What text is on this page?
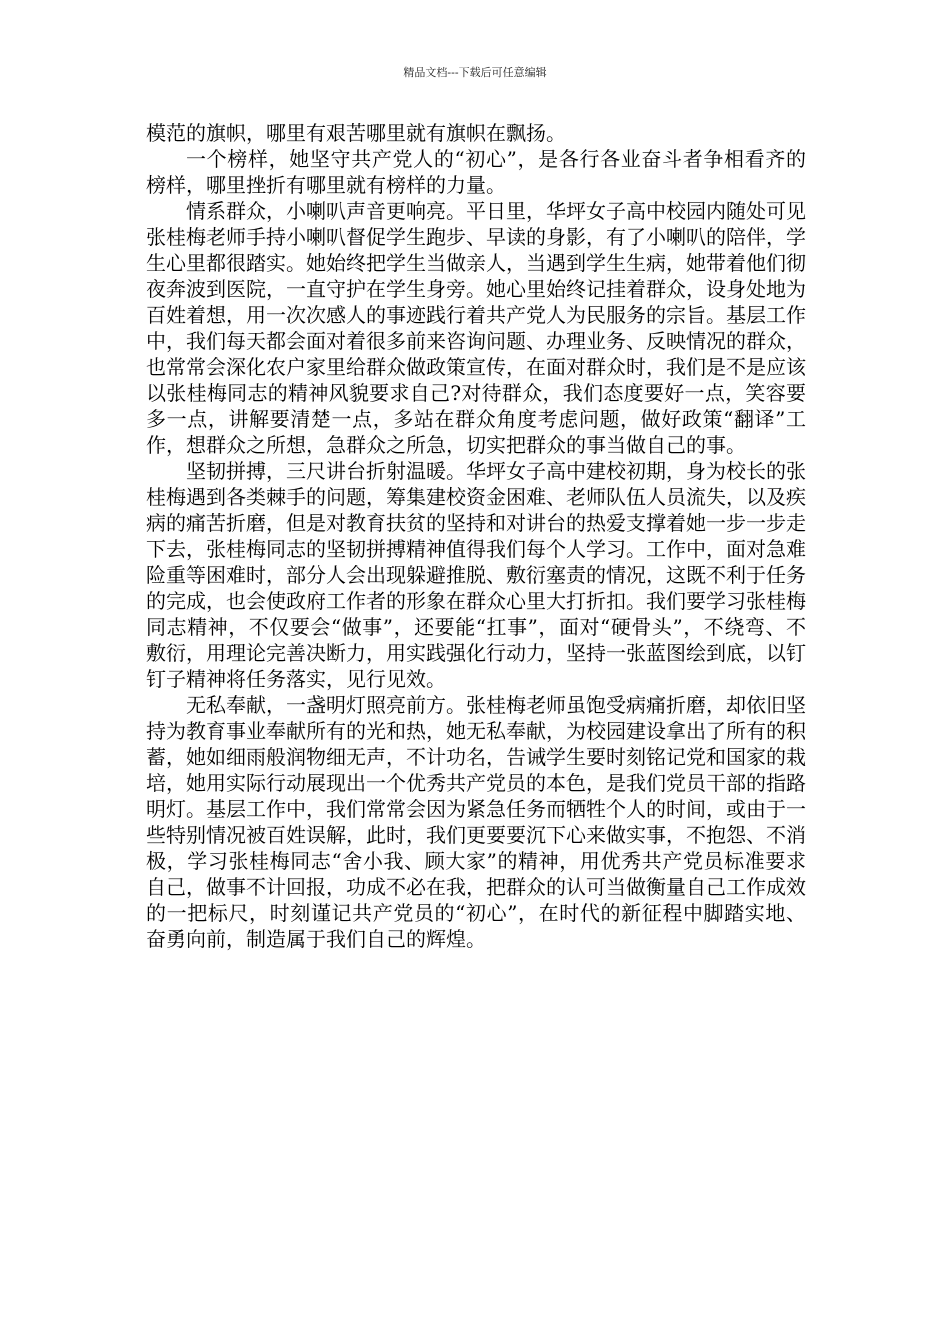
精品文档---下载后可任意编辑

模范的旗帜，哪里有艰苦哪里就有旗帜在飘扬。

一个榜样，她坚守共产党人的“初心”，是各行各业奋斗者争相看齐的榜样，哪里挫折有哪里就有榜样的力量。

情系群众，小喇叭声音更响亮。平日里，华坪女子高中校园内随处可见张桂梅老师手持小喇叭督促学生跑步、早读的身影，有了小喇叭的陪伴，学生心里都很踏实。她始终把学生当做亲人，当遇到学生生病，她带着他们彻夜奔波到医院，一直守护在学生身旁。她心里始终记挂着群众，设身处地为百姓着想，用一次次感人的事迹践行着共产党人为民服务的宗旨。基层工作中，我们每天都会面对着很多前来咨询问题、办理业务、反映情况的群众，也常常会深化农户家里给群众做政策宣传，在面对群众时，我们是不是应该以张桂梅同志的精神风貌要求自己?对待群众，我们态度要好一点，笑容要多一点，讲解要清楚一点，多站在群众角度考虑问题，做好政策“翻译”工作，想群众之所想，急群众之所急，切实把群众的事当做自己的事。

坚韧拼搏，三尺讲台折射温暖。华坪女子高中建校初期，身为校长的张桂梅遇到各类棘手的问题，筹集建校资金困难、老师队伍人员流失，以及疾病的痛苦折磨，但是对教育扶贫的坚持和对讲台的热爱支撑着她一步一步走下去，张桂梅同志的坚韧拼搏精神值得我们每个人学习。工作中，面对急难险重等困难时，部分人会出现躲避推脱、敷衍塞责的情况，这既不利于任务的完成，也会使政府工作者的形象在群众心里大打折扣。我们要学习张桂梅同志精神，不仅要会“做事”，还要能“扛事”，面对“硬骨头”，不绕弯、不敷衍，用理论完善决断力，用实践强化行动力，坚持一张蓝图绘到底，以钉钉子精神将任务落实，见行见效。

无私奉献，一盏明灯照亮前方。张桂梅老师虽饱受病痛折磨，却依旧坚持为教育事业奉献所有的光和热，她无私奉献，为校园建设拿出了所有的积蓄，她如细雨般润物细无声，不计功名，告诫学生要时刻铭记党和国家的栽培，她用实际行动展现出一个优秀共产党员的本色，是我们党员干部的指路明灯。基层工作中，我们常常会因为紧急任务而牺牲个人的时间，或由于一些特别情况被百姓误解，此时，我们更要要沉下心来做实事，不抱怨、不消极，学习张桂梅同志“舍小我、顾大家”的精神，用优秀共产党员标准要求自己，做事不计回报，功成不必在我，把群众的认可当做衡量自己工作成效的一把标尺，时刻谨记共产党员的“初心”，在时代的新征程中脚踏实地、奋勇向前，制造属于我们自己的辉煌。
